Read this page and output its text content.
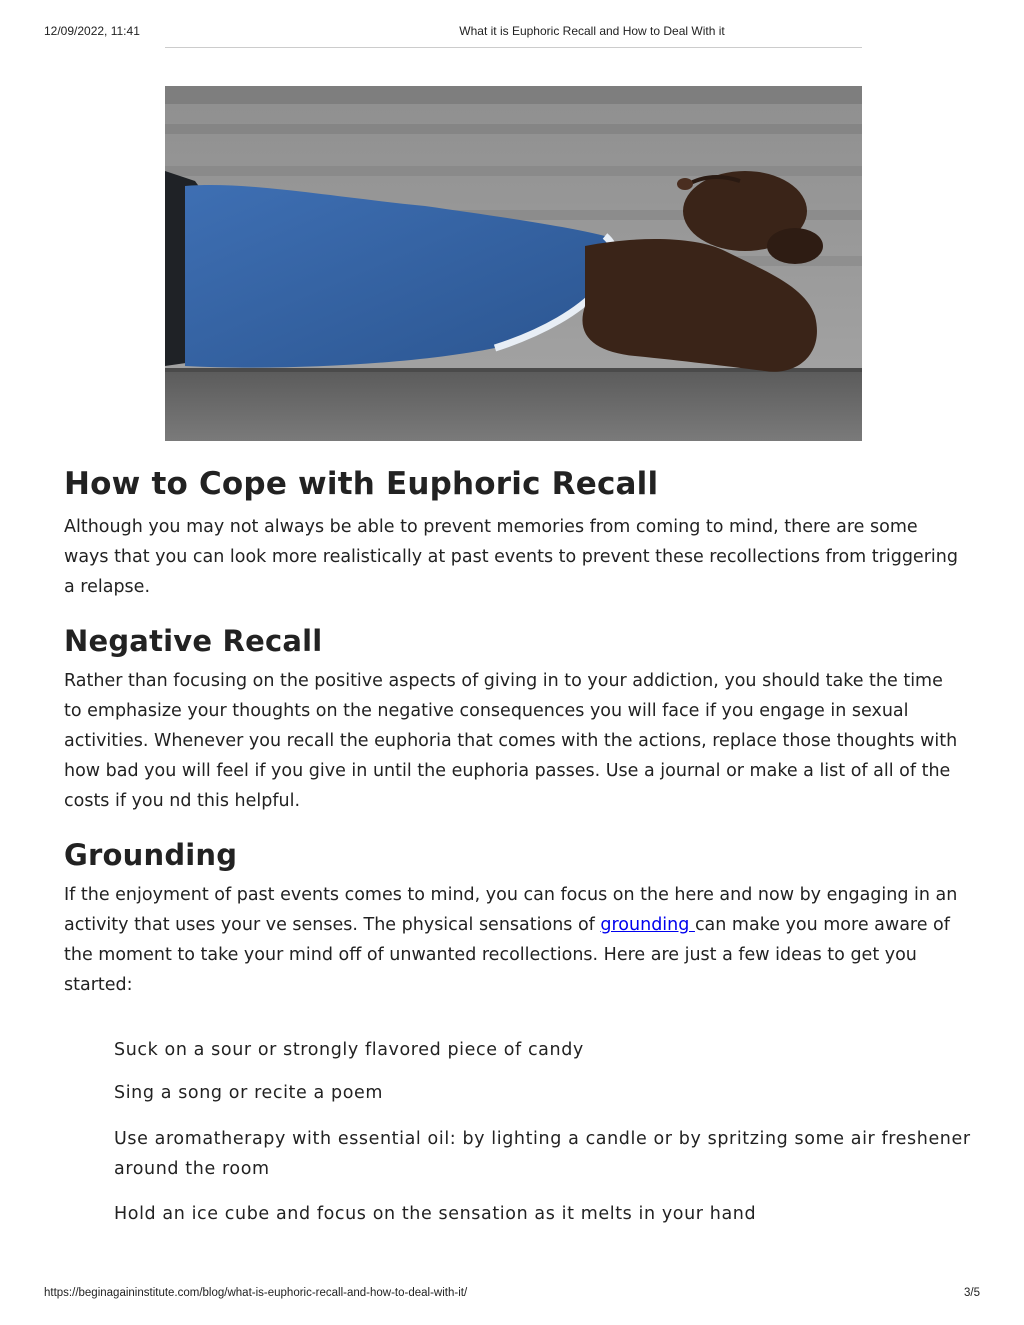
12/09/2022, 11:41	What it is Euphoric Recall and How to Deal With it
How to Cope with Euphoric Recall

Although you may not always be able to prevent memories from coming to mind, there are some ways that you can look more realistically at past events to prevent these recollections from triggering a relapse.

Negative Recall

Rather than focusing on the positive aspects of giving in to your addiction, you should take the time to emphasize your thoughts on the negative consequences you will face if you engage in sexual activities. Whenever you recall the euphoria that comes with the actions, replace those thoughts with how bad you will feel if you give in until the euphoria passes. Use a journal or make a list of all of the costs if you nd this helpful.

Grounding

If the enjoyment of past events comes to mind, you can focus on the here and now by engaging in an activity that uses your ve senses. The physical sensations of grounding can make you more aware of the moment to take your mind off of unwanted recollections. Here are just a few ideas to get you started:

Suck on a sour or strongly flavored piece of candy
Sing a song or recite a poem
Use aromatherapy with essential oil: by lighting a candle or by spritzing some air freshener around the room
Hold an ice cube and focus on the sensation as it melts in your hand
https://beginagaininstitute.com/blog/what-is-euphoric-recall-and-how-to-deal-with-it/	3/5
